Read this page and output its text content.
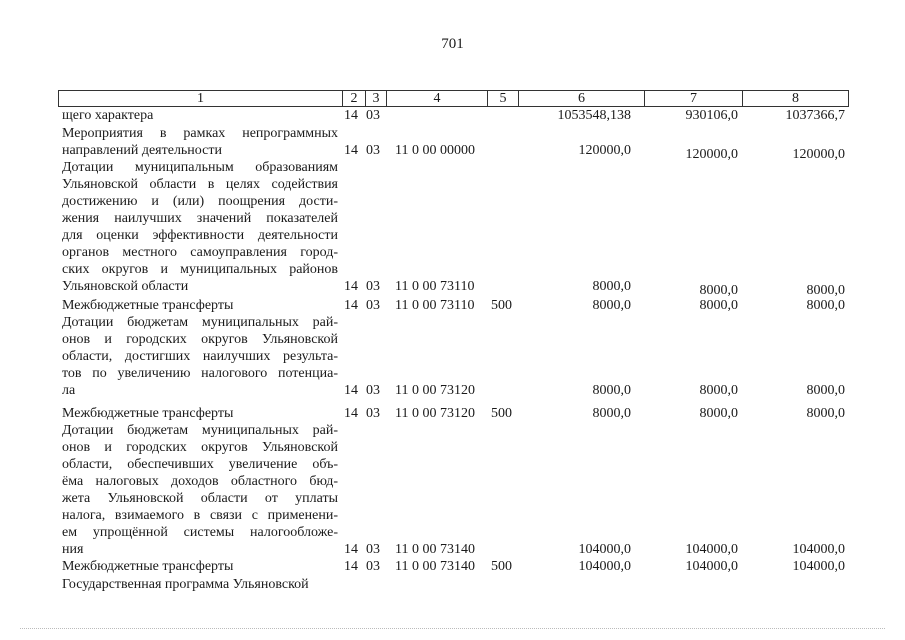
701
1	2	3	4	5	6	7	8
щего характера	14 03	1053548,138	930106,0	1037366,7
Мероприятия в рамках непрограммных
направлений деятельности	14 03 11 0 00 00000	120000,0	120000,0	120000,0
Дотации муниципальным образованиям
Ульяновской области в целях содействия
достижению и (или) поощрения дости-
жения наилучших значений показателей
для оценки эффективности деятельности
органов местного самоуправления город-
ских округов и муниципальных районов
Ульяновской области	14 03 11 0 00 73110	8000,0	8000,0	8000,0
Межбюджетные трансферты	14 03 11 0 00 73110 500	8000,0	8000,0	8000,0
Дотации бюджетам муниципальных рай-
онов и городских округов Ульяновской
области, достигших наилучших результа-
тов по увеличению налогового потенциа-
ла	14 03 11 0 00 73120	8000,0	8000,0	8000,0
Межбюджетные трансферты	14 03 11 0 00 73120 500	8000,0	8000,0	8000,0
Дотации бюджетам муниципальных рай-
онов и городских округов Ульяновской
области, обеспечивших увеличение объ-
ёма налоговых доходов областного бюд-
жета Ульяновской области от уплаты
налога, взимаемого в связи с применени-
ем упрощённой системы налогообложе-
ния	14 03 11 0 00 73140	104000,0	104000,0	104000,0
Межбюджетные трансферты	14 03 11 0 00 73140 500	104000,0	104000,0	104000,0
Государственная программа Ульяновской
